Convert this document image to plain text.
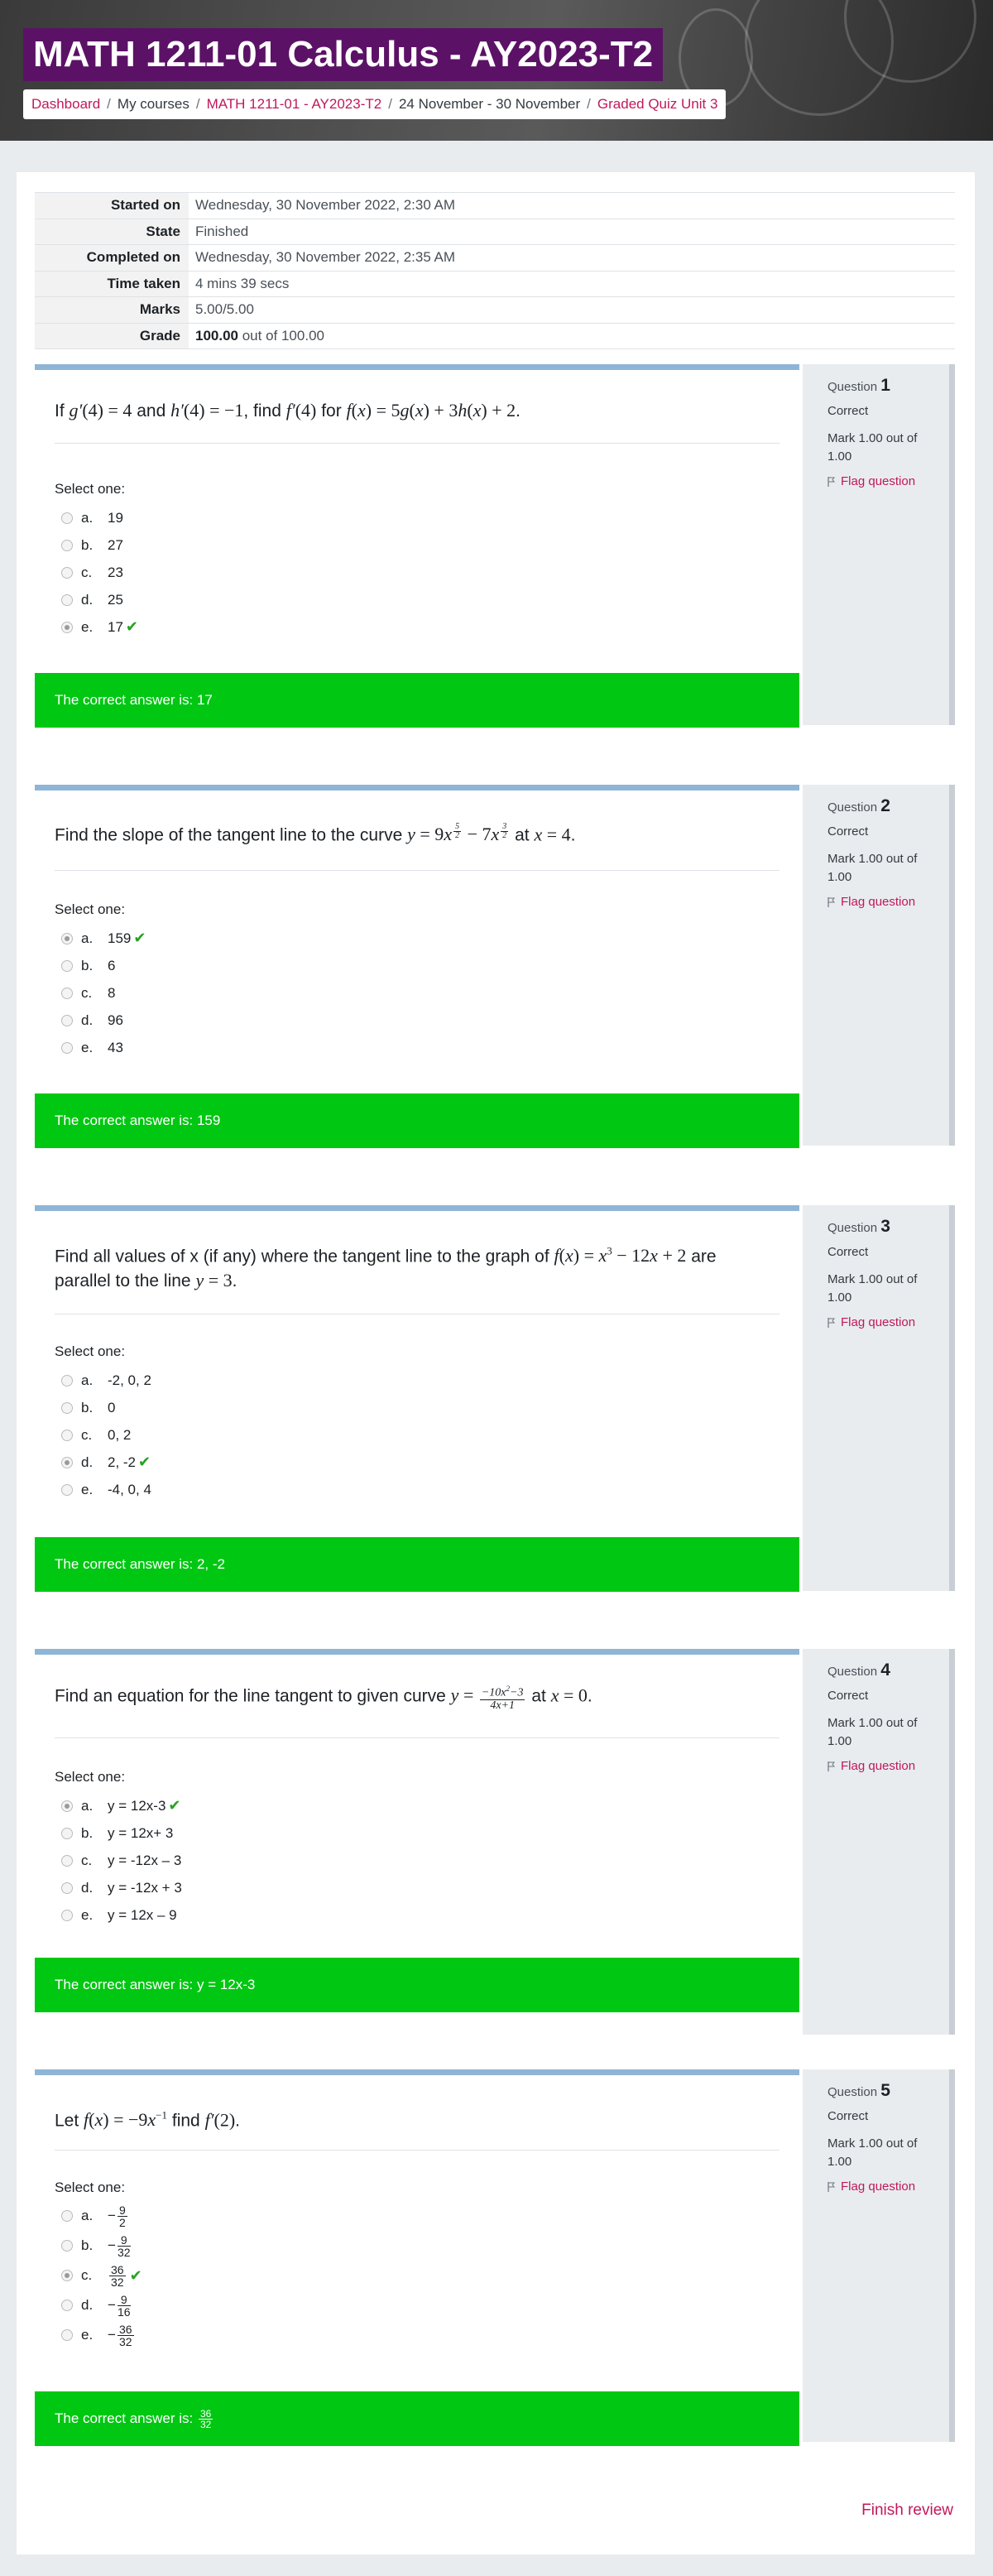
MATH 1211-01 Calculus - AY2023-T2
Dashboard / My courses / MATH 1211-01 - AY2023-T2 / 24 November - 30 November / Graded Quiz Unit 3
Started on	Wednesday, 30 November 2022, 2:30 AM
State	Finished
Completed on	Wednesday, 30 November 2022, 2:35 AM
Time taken	4 mins 39 secs
Marks	5.00/5.00
Grade	100.00 out of 100.00
If g′(4) = 4 and h′(4) = −1, find f′(4) for f(x) = 5g(x) + 3h(x) + 2.
Select one:
a.	19
b.	27
c.	23
d.	25
e.	17 ✔
The correct answer is: 17
Question 1
Correct
Mark 1.00 out of 1.00
Flag question
Find the slope of the tangent line to the curve y = 9x $^{\frac{5}{2}}$ − 7x $^{\frac{3}{2}}$ at x = 4.
Select one:
a.	159 ✔
b.	6
c.	8
d.	96
e.	43
The correct answer is: 159
Question 2
Correct
Mark 1.00 out of 1.00
Flag question
Find all values of x (if any) where the tangent line to the graph of $f(x) = x^3 - 12x + 2$ are parallel to the line y = 3.
Select one:
a.	-2, 0, 2
b.	0
c.	0, 2
d.	2, -2 ✔
e.	-4, 0, 4
The correct answer is: 2, -2
Question 3
Correct
Mark 1.00 out of 1.00
Flag question
Find an equation for the line tangent to given curve $y = \frac{-10x^2-3}{4x+1}$ at x = 0.
Select one:
a.	y = 12x-3 ✔
b.	y = 12x+ 3
c.	y = -12x – 3
d.	y = -12x + 3
e.	y = 12x – 9
The correct answer is: y = 12x-3
Question 4
Correct
Mark 1.00 out of 1.00
Flag question
Let $f(x) = -9x^{-1}$ find f′(2).
Select one:
a.	− $\frac{9}{2}$
b.	− $\frac{9}{32}$
c.	$\frac{36}{32}$ ✔
d.	− $\frac{9}{16}$
e.	− $\frac{36}{32}$
The correct answer is: $\frac{36}{32}$
Question 5
Correct
Mark 1.00 out of 1.00
Flag question
Finish review
